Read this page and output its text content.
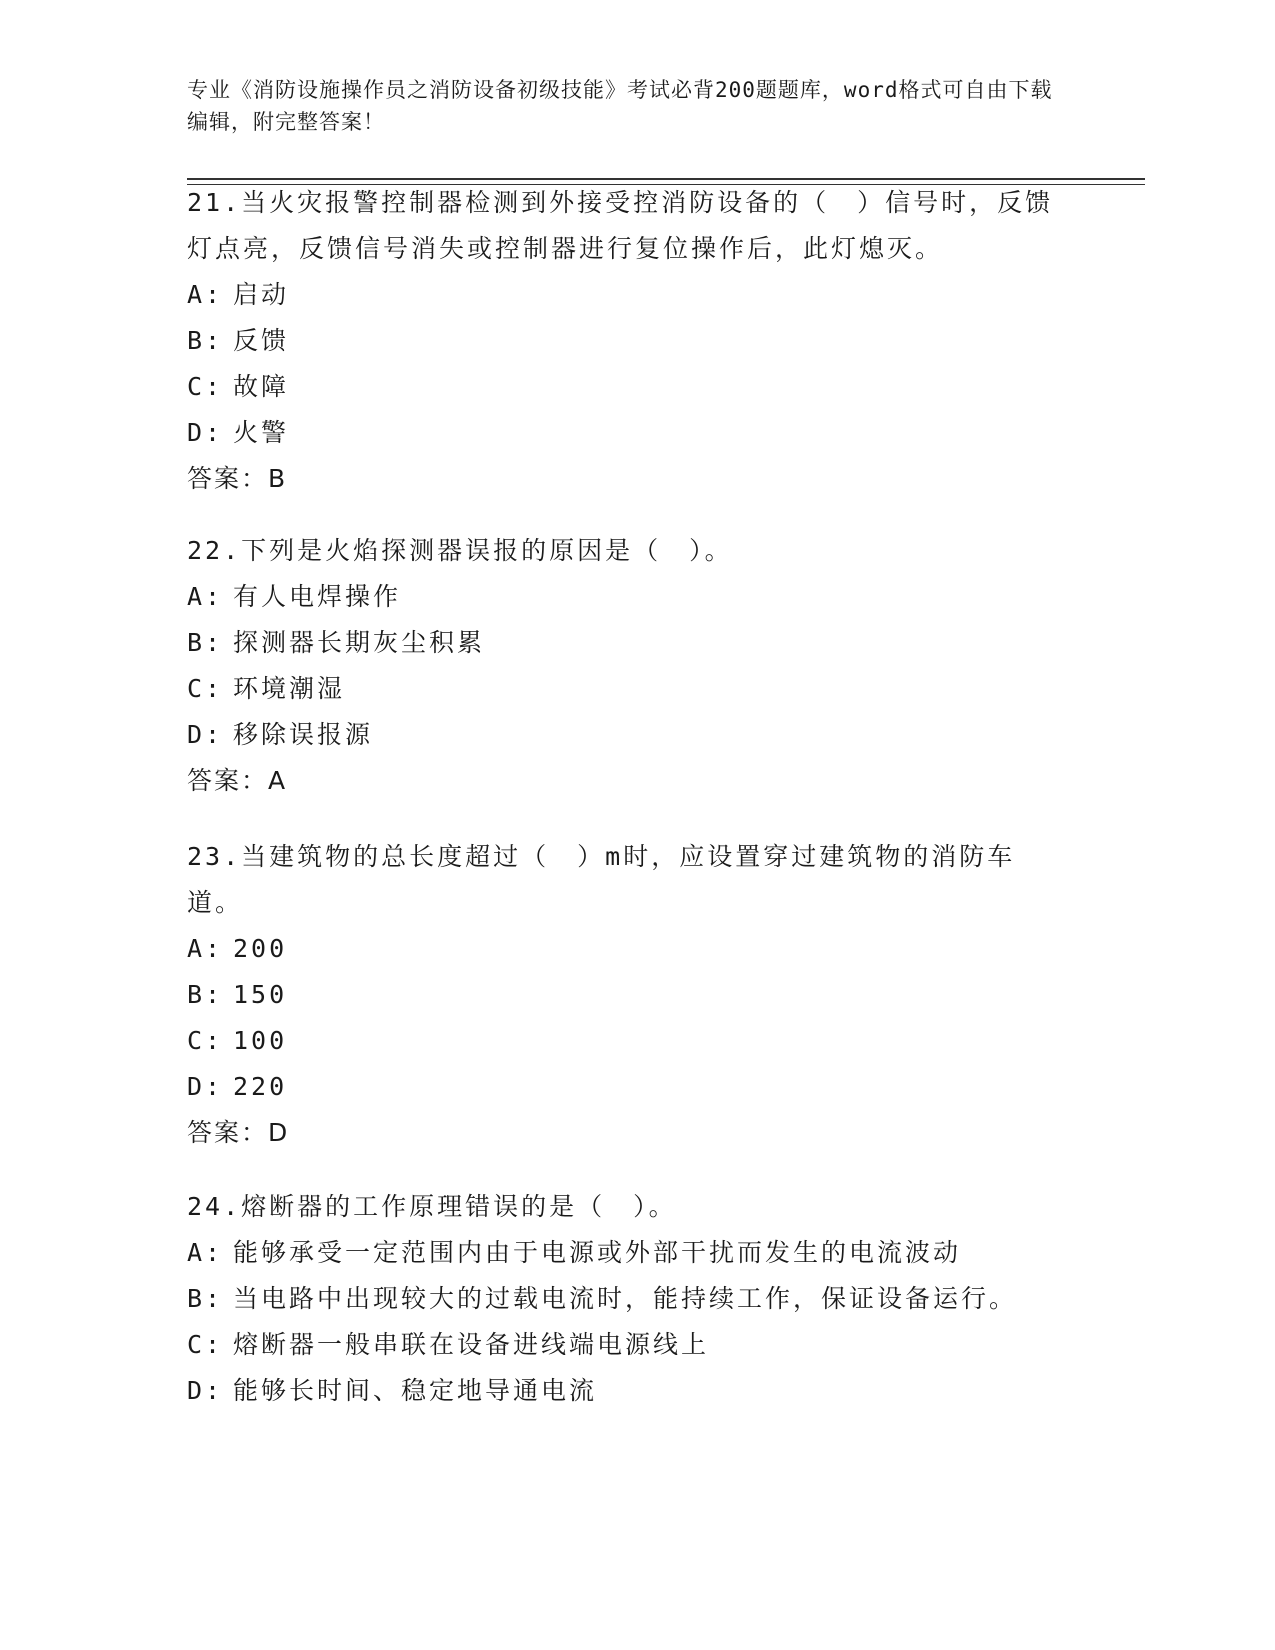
专业《消防设施操作员之消防设备初级技能》考试必背200题题库，word格式可自由下载编辑，附完整答案！
21.当火灾报警控制器检测到外接受控消防设备的（　）信号时，反馈灯点亮，反馈信号消失或控制器进行复位操作后，此灯熄灭。
A: 启动
B: 反馈
C: 故障
D: 火警
答案：B
22.下列是火焰探测器误报的原因是（　）。
A: 有人电焊操作
B: 探测器长期灰尘积累
C: 环境潮湿
D: 移除误报源
答案：A
23.当建筑物的总长度超过（　）m时，应设置穿过建筑物的消防车道。
A: 200
B: 150
C: 100
D: 220
答案：D
24.熔断器的工作原理错误的是（　）。
A: 能够承受一定范围内由于电源或外部干扰而发生的电流波动
B: 当电路中出现较大的过载电流时，能持续工作，保证设备运行。
C: 熔断器一般串联在设备进线端电源线上
D: 能够长时间、稳定地导通电流
